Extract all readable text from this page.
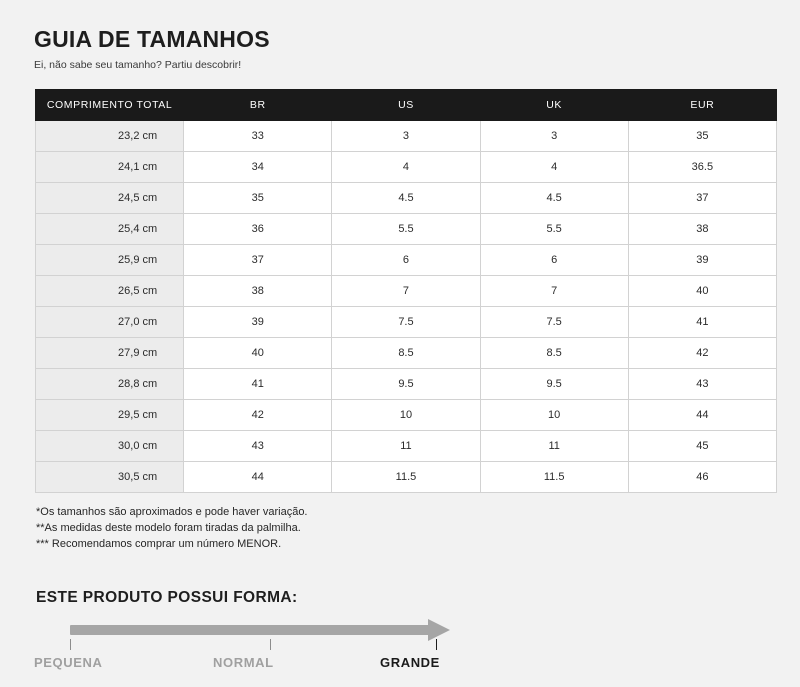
GUIA DE TAMANHOS

Ei, não sabe seu tamanho? Partiu descobrir!

COMPRIMENTO TOTAL	BR	US	UK	EUR
23,2 cm	33	3	3	35
24,1 cm	34	4	4	36.5
24,5 cm	35	4.5	4.5	37
25,4 cm	36	5.5	5.5	38
25,9 cm	37	6	6	39
26,5 cm	38	7	7	40
27,0 cm	39	7.5	7.5	41
27,9 cm	40	8.5	8.5	42
28,8 cm	41	9.5	9.5	43
29,5 cm	42	10	10	44
30,0 cm	43	11	11	45
30,5 cm	44	11.5	11.5	46
*Os tamanhos são aproximados e pode haver variação.
**As medidas deste modelo foram tiradas da palmilha.
*** Recomendamos comprar um número MENOR.
ESTE PRODUTO POSSUI FORMA:
PEQUENA	NORMAL	GRANDE
